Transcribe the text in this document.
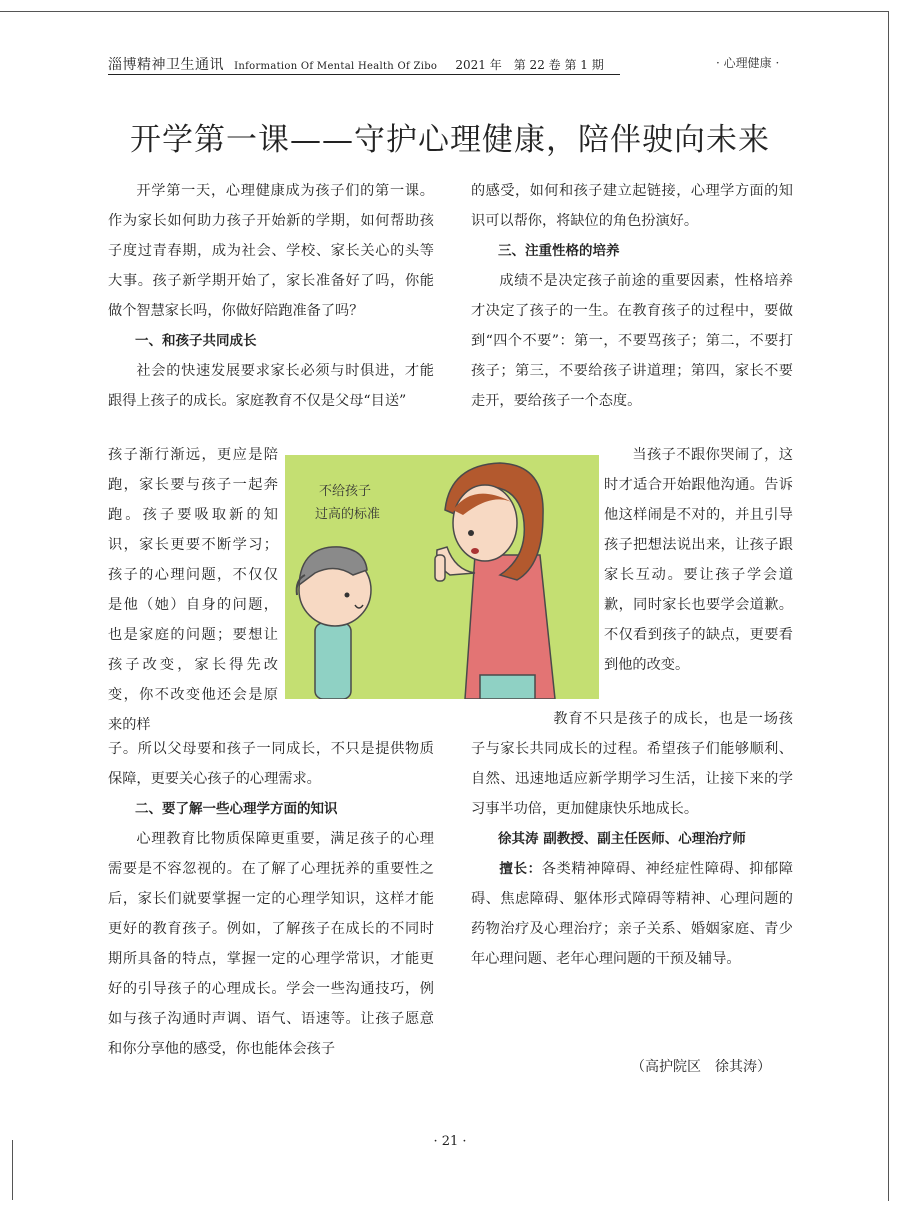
淄博精神卫生通讯 Information Of Mental Health Of Zibo 2021 年　第 22 卷 第 1 期	· 心理健康 ·
开学第一课——守护心理健康，陪伴驶向未来

开学第一天，心理健康成为孩子们的第一课。作为家长如何助力孩子开始新的学期，如何帮助孩子度过青春期，成为社会、学校、家长关心的头等大事。孩子新学期开始了，家长准备好了吗，你能做个智慧家长吗，你做好陪跑准备了吗？

一、和孩子共同成长

社会的快速发展要求家长必须与时俱进，才能跟得上孩子的成长。家庭教育不仅是父母“目送”

孩子渐行渐远，更应是陪跑，家长要与孩子一起奔跑。孩子要吸取新的知识，家长更要不断学习；孩子的心理问题，不仅仅是他（她）自身的问题，也是家庭的问题；要想让孩子改变，家长得先改变，你不改变他还会是原来的样

子。所以父母要和孩子一同成长，不只是提供物质保障，更要关心孩子的心理需求。

二、要了解一些心理学方面的知识

心理教育比物质保障更重要，满足孩子的心理需要是不容忽视的。在了解了心理抚养的重要性之后，家长们就要掌握一定的心理学知识，这样才能更好的教育孩子。例如，了解孩子在成长的不同时期所具备的特点，掌握一定的心理学常识，才能更好的引导孩子的心理成长。学会一些沟通技巧，例如与孩子沟通时声调、语气、语速等。让孩子愿意和你分享他的感受，你也能体会孩子

的感受，如何和孩子建立起链接，心理学方面的知识可以帮你，将缺位的角色扮演好。

三、注重性格的培养

成绩不是决定孩子前途的重要因素，性格培养才决定了孩子的一生。在教育孩子的过程中，要做到“四个不要”：第一，不要骂孩子；第二，不要打孩子；第三，不要给孩子讲道理；第四，家长不要走开，要给孩子一个态度。

当孩子不跟你哭闹了，这时才适合开始跟他沟通。告诉他这样闹是不对的，并且引导孩子把想法说出来，让孩子跟家长互动。要让孩子学会道歉，同时家长也要学会道歉。不仅看到孩子的缺点，更要看到他的改变。

教育不只是孩子的成长，也是一场孩子与家长共同成长的过程。希望孩子们能够顺利、自然、迅速地适应新学期学习生活，让接下来的学习事半功倍，更加健康快乐地成长。

徐其涛 副教授、副主任医师、心理治疗师

擅长：各类精神障碍、神经症性障碍、抑郁障碍、焦虑障碍、躯体形式障碍等精神、心理问题的药物治疗及心理治疗；亲子关系、婚姻家庭、青少年心理问题、老年心理问题的干预及辅导。

（高护院区　徐其涛）
不给孩子
过高的标准
· 21 ·
